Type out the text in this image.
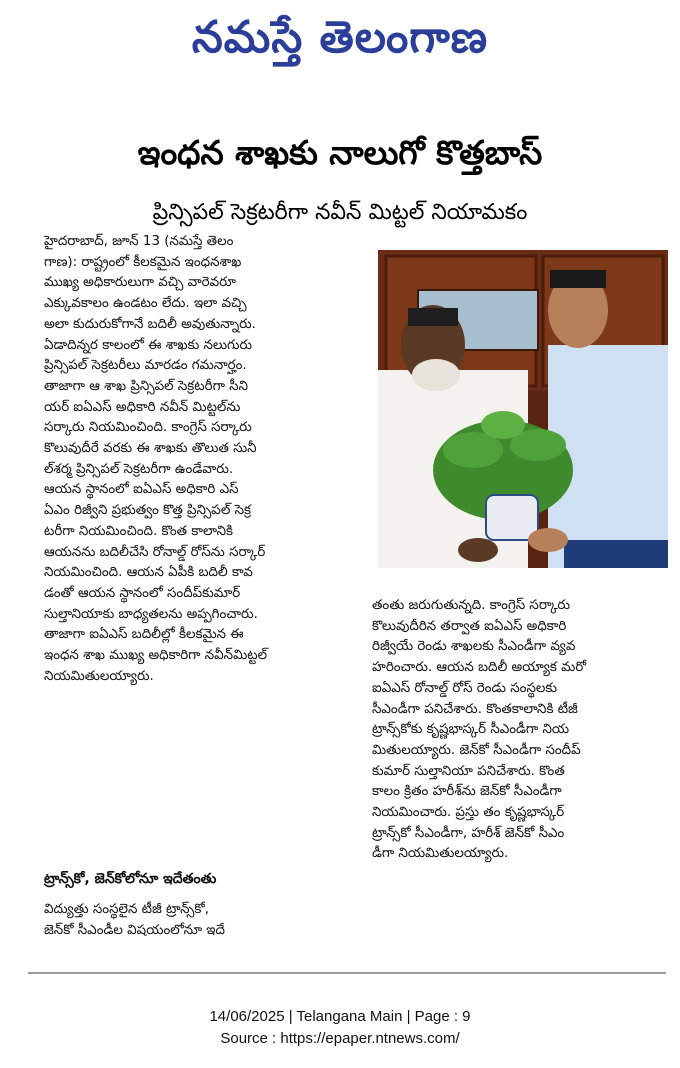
నమస్తే తెలంగాణ
ఇంధన శాఖకు నాలుగో కొత్తబాస్
ప్రిన్సిపల్ సెక్రటరీగా నవీన్ మిట్టల్ నియామకం
హైదరాబాద్, జూన్ 13 (నమస్తే తెలం
గాణ): రాష్ట్రంలో కీలకమైన ఇంధనశాఖ
ముఖ్య అధికారులుగా వచ్చి వారెవరూ
ఎక్కువకాలం ఉండటం లేదు. ఇలా వచ్చి
అలా కుదురుకోగానే బదిలీ అవుతున్నారు.
ఏడాదిన్నర కాలంలో ఈ శాఖకు నలుగురు
ప్రిన్సిపల్ సెక్రటరీలు మారడం గమనార్హం.
తాజాగా ఆ శాఖ ప్రిన్సిపల్ సెక్రటరీగా సీని
యర్ ఐఏఎస్ అధికారి నవీన్ మిట్టల్‌ను
సర్కారు నియమించింది. కాంగ్రెస్ సర్కారు
కొలువుదీరే వరకు ఈ శాఖకు తొలుత సునీ
ల్‌శర్మ ప్రిన్సిపల్ సెక్రటరీగా ఉండేవారు.
ఆయన స్థానంలో ఐఏఎస్ అధికారి ఎస్
ఏఎం రిజ్వీని ప్రభుత్వం కొత్త ప్రిన్సిపల్ సెక్ర
టరీగా నియమించింది. కొంత కాలానికి
ఆయనను బదిలీచేసి రోనాల్డ్ రోస్‌ను సర్కార్
నియమించింది. ఆయన ఏపీకి బదిలీ కావ
డంతో ఆయన స్థానంలో సందీప్‌కుమార్
సుల్తానియాకు బాధ్యతలను అప్పగించారు.
తాజాగా ఐఏఎస్ బదిలీల్లో కీలకమైన ఈ
ఇంధన శాఖ ముఖ్య అధికారిగా నవీన్‌మిట్టల్
నియమితులయ్యారు.
ట్రాన్స్‌కో, జెన్‌కోలోనూ ఇదేతంతు
విద్యుత్తు సంస్థలైన టీజీ ట్రాన్స్‌కో,
జెన్‌కో సీఎండీల విషయంలోనూ ఇదే
తంతు జరుగుతున్నది. కాంగ్రెస్ సర్కారు
కొలువుదీరిన తర్వాత ఐఏఎస్ అధికారి
రిజ్వీయే రెండు శాఖలకు సీఎండీగా వ్యవ
హరించారు. ఆయన బదిలీ అయ్యాక మరో
ఐఏఎస్ రోనాల్డ్ రోస్ రెండు సంస్థలకు
సీఎండీగా పనిచేశారు. కొంతకాలానికి టీజీ
ట్రాన్స్‌కోకు కృష్ణభాస్కర్ సీఎండీగా నియ
మితులయ్యారు. జెన్‌కో సీఎండీగా సందీప్
కుమార్ సుల్తానియా పనిచేశారు. కొంత
కాలం క్రితం హరీశ్‌ను జెన్‌కో సీఎండీగా
నియమించారు. ప్రస్తు తం కృష్ణభాస్కర్
ట్రాన్స్‌కో సీఎండీగా, హరీశ్ జెన్‌కో సీఎం
డీగా నియమితులయ్యారు.
14/06/2025 | Telangana Main | Page : 9
Source : https://epaper.ntnews.com/
